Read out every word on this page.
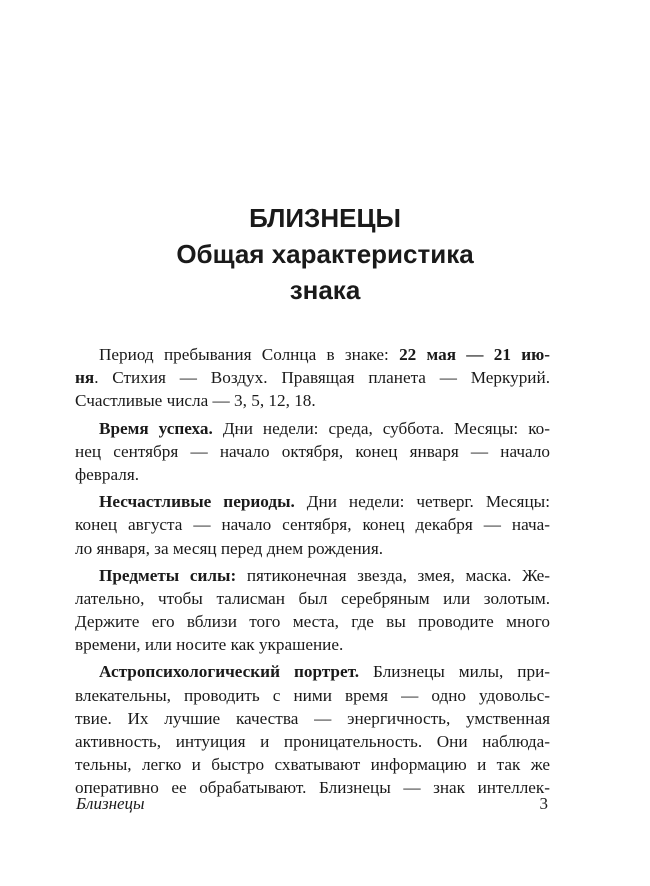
БЛИЗНЕЦЫ
Общая характеристика
знака
Период пребывания Солнца в знаке: 22 мая — 21 ию-
ня. Стихия — Воздух. Правящая планета — Меркурий.
Счастливые числа — 3, 5, 12, 18.
Время успеха. Дни недели: среда, суббота. Месяцы: ко-
нец сентября — начало октября, конец января — начало
февраля.
Несчастливые периоды. Дни недели: четверг. Месяцы:
конец августа — начало сентября, конец декабря — нача-
ло января, за месяц перед днем рождения.
Предметы силы: пятиконечная звезда, змея, маска. Же-
лательно, чтобы талисман был серебряным или золотым.
Держите его вблизи того места, где вы проводите много
времени, или носите как украшение.
Астропсихологический портрет. Близнецы милы, при-
влекательны, проводить с ними время — одно удовольс-
твие. Их лучшие качества — энергичность, умственная
активность, интуиция и проницательность. Они наблюда-
тельны, легко и быстро схватывают информацию и так же
оперативно ее обрабатывают. Близнецы — знак интеллек-
Близнецы	3
